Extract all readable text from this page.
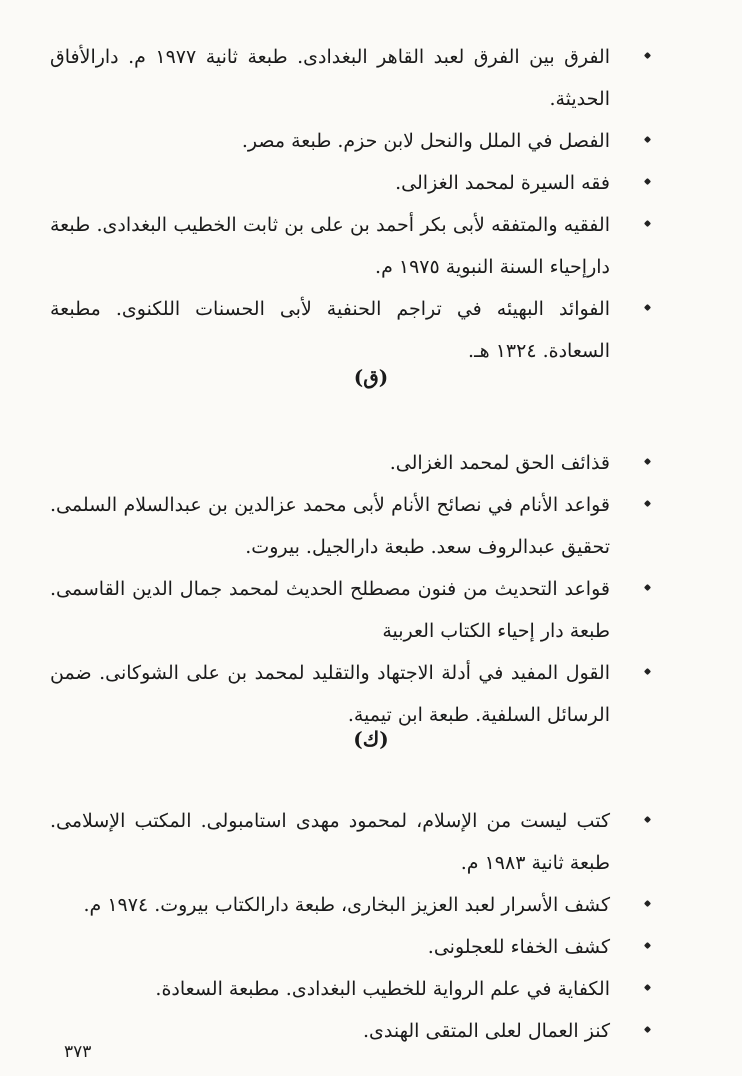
الفرق بين الفرق لعبد القاهر البغدادى. طبعة ثانية ١٩٧٧ م. دارالأفاق الحديثة.
الفصل في الملل والنحل لابن حزم. طبعة مصر.
فقه السيرة لمحمد الغزالى.
الفقيه والمتفقه لأبى بكر أحمد بن على بن ثابت الخطيب البغدادى. طبعة دارإحياء السنة النبوية ١٩٧٥ م.
الفوائد البهيئه في تراجم الحنفية لأبى الحسنات اللكنوى. مطبعة السعادة. ١٣٢٤ هـ.
(ق)
قذائف الحق لمحمد الغزالى.
قواعد الأنام في نصائح الأنام لأبى محمد عزالدين بن عبدالسلام السلمى. تحقيق عبدالروف سعد. طبعة دارالجيل. بيروت.
قواعد التحديث من فنون مصطلح الحديث لمحمد جمال الدين القاسمى. طبعة دار إحياء الكتاب العربية
القول المفيد في أدلة الاجتهاد والتقليد لمحمد بن على الشوكانى. ضمن الرسائل السلفية. طبعة ابن تيمية.
(ك)
كتب ليست من الإسلام، لمحمود مهدى استامبولى. المكتب الإسلامى. طبعة ثانية ١٩٨٣ م.
كشف الأسرار لعبد العزيز البخارى، طبعة دارالكتاب بيروت. ١٩٧٤ م.
كشف الخفاء للعجلونى.
الكفاية في علم الرواية للخطيب البغدادى. مطبعة السعادة.
كنز العمال لعلى المتقى الهندى.
٣٧٣
